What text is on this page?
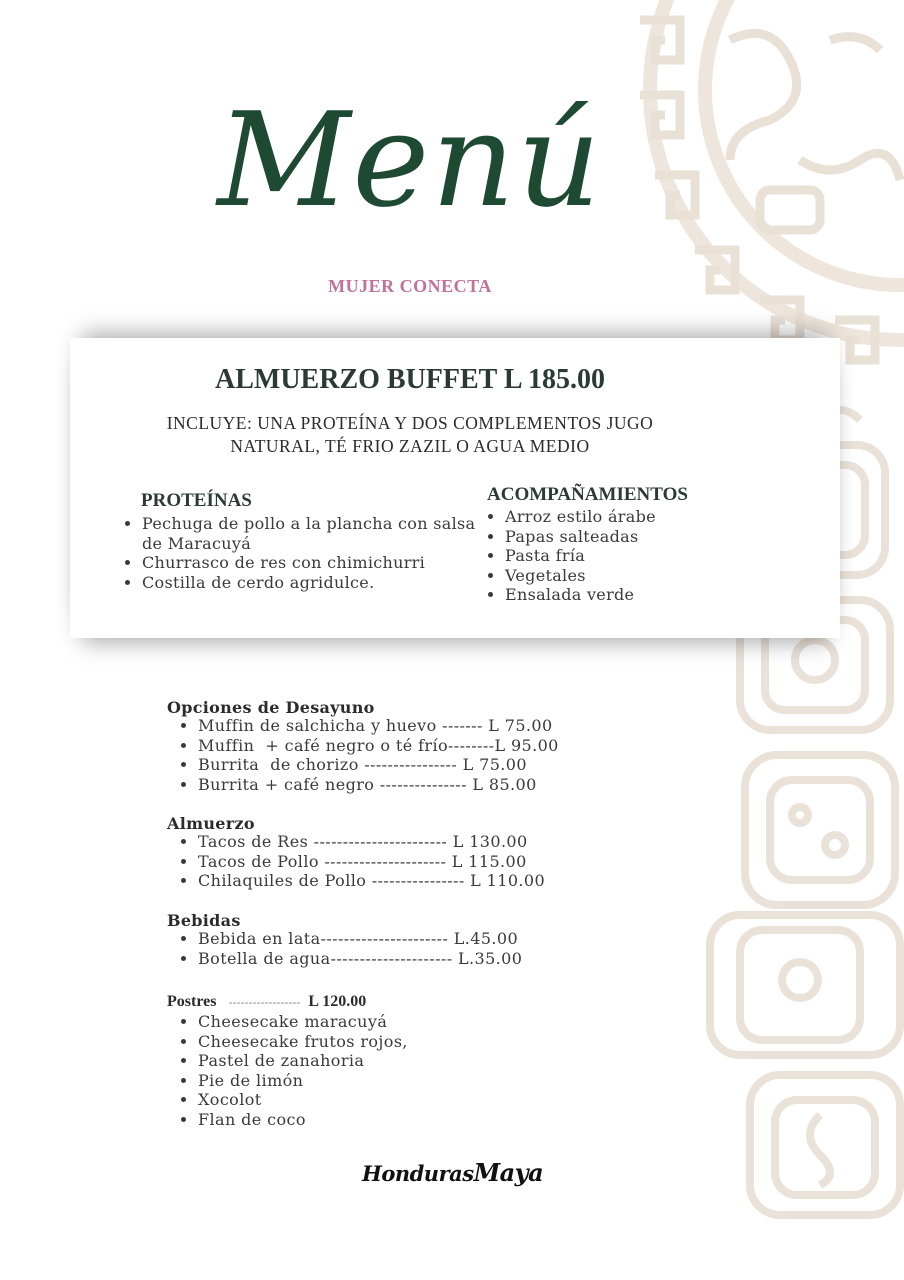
Menú
MUJER CONECTA
ALMUERZO BUFFET L 185.00
INCLUYE: UNA PROTEÍNA Y DOS COMPLEMENTOS JUGO NATURAL, TÉ FRIO ZAZIL O AGUA MEDIO
PROTEÍNAS
• Pechuga de pollo a la plancha con salsa de Maracuyá
• Churrasco de res con chimichurri
• Costilla de cerdo agridulce.
ACOMPAÑAMIENTOS
• Arroz estilo árabe
• Papas salteadas
• Pasta fría
• Vegetales
• Ensalada verde
Opciones de Desayuno
• Muffin de salchicha y huevo ------- L 75.00
• Muffin  + café negro o té frío--------L 95.00
• Burrita  de chorizo ---------------- L 75.00
• Burrita + café negro --------------- L 85.00
Almuerzo
• Tacos de Res ----------------------- L 130.00
• Tacos de Pollo --------------------- L 115.00
• Chilaquiles de Pollo ---------------- L 110.00
Bebidas
• Bebida en lata---------------------- L.45.00
• Botella de agua--------------------- L.35.00
Postres ------------------ L 120.00
• Cheesecake maracuyá
• Cheesecake frutos rojos,
• Pastel de zanahoria
• Pie de limón
• Xocolot
• Flan de coco
HondurasMaya
